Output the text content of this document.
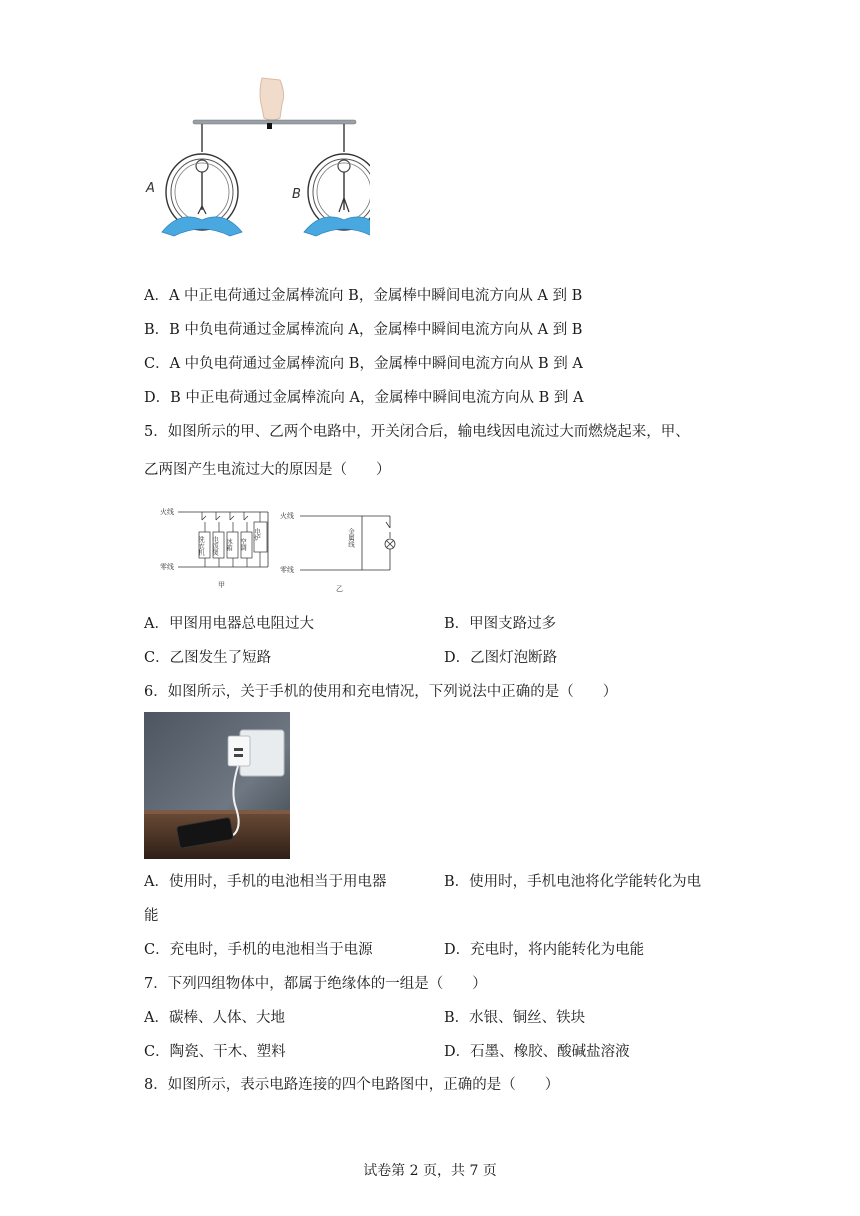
A	B
A．A 中正电荷通过金属棒流向 B，金属棒中瞬间电流方向从 A 到 B
B．B 中负电荷通过金属棒流向 A，金属棒中瞬间电流方向从 A 到 B
C．A 中负电荷通过金属棒流向 B，金属棒中瞬间电流方向从 B 到 A
D．B 中正电荷通过金属棒流向 A，金属棒中瞬间电流方向从 B 到 A
5．如图所示的甲、乙两个电路中，开关闭合后，输电线因电流过大而燃烧起来，甲、
乙两图产生电流过大的原因是（　　）
火线
零线
洗衣机 电饭煲 冰箱 空调
电炉
甲
火线
零线
金属线
乙
A．甲图用电器总电阻过大	B．甲图支路过多
C．乙图发生了短路	D．乙图灯泡断路
6．如图所示，关于手机的使用和充电情况，下列说法中正确的是（　　）
A．使用时，手机的电池相当于用电器	B．使用时，手机电池将化学能转化为电
能
C．充电时，手机的电池相当于电源	D．充电时，将内能转化为电能
7．下列四组物体中，都属于绝缘体的一组是（　　）
A．碳棒、人体、大地	B．水银、铜丝、铁块
C．陶瓷、干木、塑料	D．石墨、橡胶、酸碱盐溶液
8．如图所示，表示电路连接的四个电路图中，正确的是（　　）
试卷第 2 页，共 7 页
